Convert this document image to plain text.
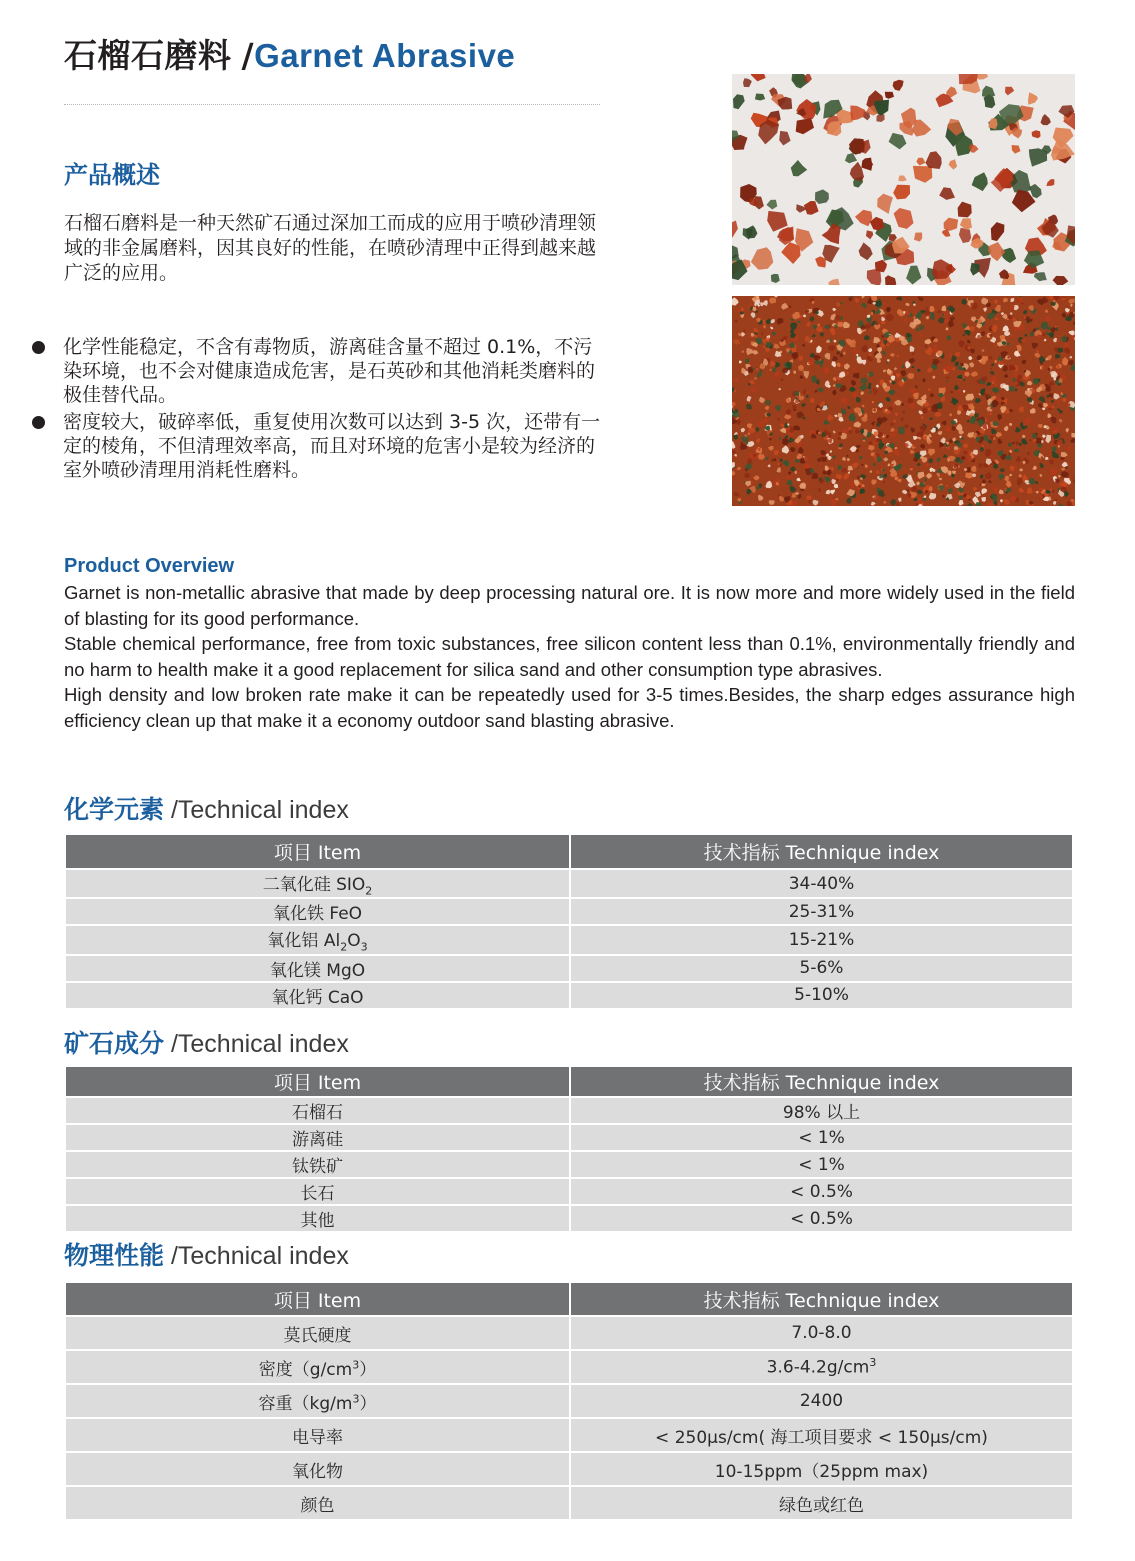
石榴石磨料 /Garnet Abrasive
产品概述
石榴石磨料是一种天然矿石通过深加工而成的应用于喷砂清理领域的非金属磨料，因其良好的性能，在喷砂清理中正得到越来越广泛的应用。
化学性能稳定，不含有毒物质，游离硅含量不超过 0.1%，不污染环境，也不会对健康造成危害，是石英砂和其他消耗类磨料的极佳替代品。
密度较大，破碎率低，重复使用次数可以达到 3-5 次，还带有一定的棱角，不但清理效率高，而且对环境的危害小是较为经济的室外喷砂清理用消耗性磨料。
Product Overview

Garnet is non-metallic abrasive that made by deep processing natural ore. It is now more and more widely used in the field of blasting for its good performance.

Stable chemical performance, free from toxic substances, free silicon content less than 0.1%, environmentally friendly and no harm to health make it a good replacement for silica sand and other consumption type abrasives.

High density and low broken rate make it can be repeatedly used for 3-5 times.Besides, the sharp edges assurance high efficiency clean up that make it a economy outdoor sand blasting abrasive.

化学元素 /Technical index
项目 Item	技术指标 Technique index
二氧化硅 $SIO_2$	34-40%
氧化铁 FeO	25-31%
氧化铝 $Al_2O_3$	15-21%
氧化镁 MgO	5-6%
氧化钙 CaO	5-10%
矿石成分 /Technical index
项目 Item	技术指标 Technique index
石榴石	98% 以上
游离硅	< 1%
钛铁矿	< 1%
长石	< 0.5%
其他	< 0.5%
物理性能 /Technical index
项目 Item	技术指标 Technique index
莫氏硬度	7.0-8.0
密度$(g/cm^3)$	$3.6-4.2g/cm^3$
容重$(kg/m^3)$	2400
电导率	< 250μs/cm( 海工项目要求 < 150μs/cm)
氧化物	10-15ppm（25ppm max)
颜色	绿色或红色
